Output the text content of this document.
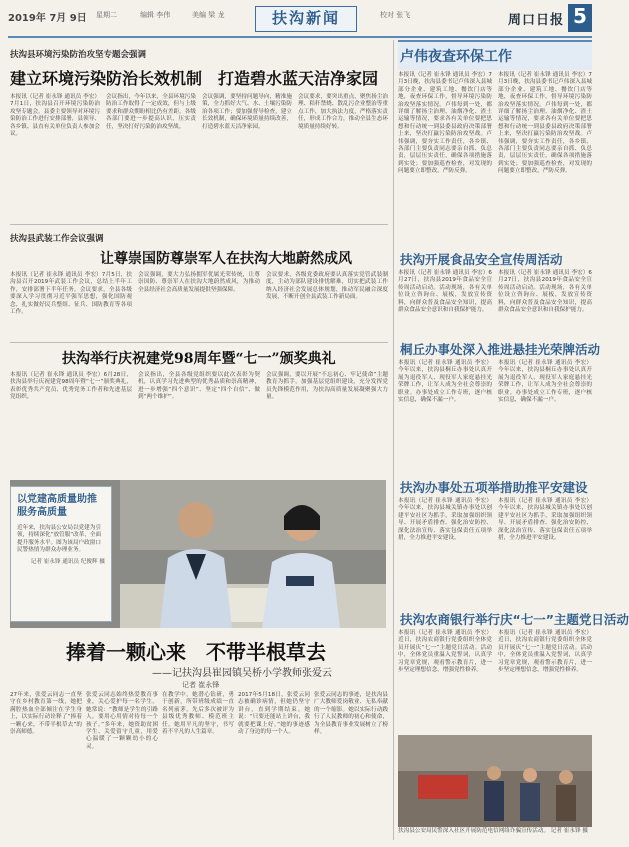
2019年 7月 9日 星期二	编辑 李伟	美编 梁 龙	扶沟新闻	校对 张飞	周口日报 5
扶沟县环境污染防治攻坚专题会强调
建立环境污染防治长效机制　打造碧水蓝天洁净家园
本报讯（记者 崔永锋 通讯员 李宏）7月1日，扶沟县召开环境污染防治攻坚专题会。县委主要领导对环境污染防治工作进行安排部署，县领导、各乡镇、县直有关单位负责人参加会议。
会议指出，今年以来，全县环境污染防治工作取得了一定成效，但与上级要求和群众期盼相比仍有差距。各级各部门要进一步提高认识，压实责任，坚决打好污染防治攻坚战。
会议强调，要坚持问题导向，精准施策，全力抓好大气、水、土壤污染防治各项工作；要加强督导检查，建立长效机制，确保环境质量持续改善，打造碧水蓝天洁净家园。
会议要求，要突出重点，聚焦扬尘治理、秸秆禁烧、散乱污企业整治等重点工作，加大执法力度，严格落实责任，形成工作合力，推动全县生态环境质量持续好转。
扶沟县武装工作会议强调
让尊崇国防尊崇军人在扶沟大地蔚然成风
本报讯（记者 崔永锋 通讯员 李宏）7月5日，扶沟县召开2019年武装工作会议，总结上半年工作，安排部署下半年任务。会议要求，全县各级要深入学习贯彻习近平强军思想，强化国防观念，扎实做好民兵整组、征兵、国防教育等各项工作。
会议强调，要大力弘扬拥军优属光荣传统，让尊崇国防、尊崇军人在扶沟大地蔚然成风，为推动全县经济社会高质量发展提供坚强保障。
会议要求，各级党委政府要认真落实党管武装制度，主动为部队建设排忧解难，切实把武装工作纳入经济社会发展总体规划，推动军民融合深度发展，不断开创全县武装工作新局面。
扶沟举行庆祝建党98周年暨“七一”颁奖典礼
本报讯（记者 崔永锋 通讯员 李宏）6月28日，扶沟县举行庆祝建党98周年暨“七一”颁奖典礼，表彰优秀共产党员、优秀党务工作者和先进基层党组织。
会议指出，全县各级党组织要以此次表彰为契机，认真学习先进典型的优秀品质和崇高精神，进一步增强“四个意识”、坚定“四个自信”、做到“两个维护”。
会议强调，要以开展“不忘初心、牢记使命”主题教育为抓手，加强基层党组织建设，充分发挥党员先锋模范作用，为扶沟高质量发展凝聚强大力量。
以党建高质量助推服务高质量
近年来，扶沟县公安局以党建为引领，持续深化“放管服”改革，全面提升服务水平。图为该局户政窗口民警热情为群众办理业务。
记者 崔永锋 通讯员 纪俊辉 摄
捧着一颗心来　不带半根草去
——记扶沟县崔园镇吴桥小学教师张爱云
记者 崔永锋
27年来，张爱云同志一直坚守在乡村教育第一线，她把满腔热血全部倾注在学生身上，以实际行动诠释了“捧着一颗心来，不带半根草去”的崇高师德。
张爱云同志始终热爱教育事业，关心爱护每一名学生。她常说：“教师是学生的引路人，要用心用情对待每一个孩子。”多年来，她资助贫困学生、关爱留守儿童，用爱心温暖了一颗颗幼小的心灵。
在教学中，她潜心钻研，勇于创新，所带班级成绩一直名列前茅，先后多次被评为县级优秀教师、模范班主任。她用平凡的坚守，书写着不平凡的人生篇章。
2017年5月18日，张爱云同志被确诊病情，但她仍坚守讲台，直到学期结束。她说：“只要还能站上讲台，我就要把课上好。”她的事迹感动了身边的每一个人。
张爱云同志的事迹，是扶沟县广大教师爱岗敬业、无私奉献的一个缩影。她以实际行动践行了人民教师的初心和使命，为全县教育事业发展树立了榜样。
卢伟夜查环保工作
本报讯（记者 崔永锋 通讯员 李宏）7月3日晚，扶沟县委书记卢伟深入县城部分企业、建筑工地、餐饮门店等地，夜查环保工作，督导环境污染防治攻坚落实情况。卢伟每到一处，都详细了解扬尘治理、油烟净化、渣土运输等情况，要求各有关单位要把思想和行动统一到县委县政府决策部署上来，坚决打赢污染防治攻坚战。卢伟强调，要夯实工作责任，各乡镇、各部门主要负责同志要亲自抓、负总责，层层压实责任，确保各项措施落到实处；要加强巡查检查，对发现的问题要立即整改，严防反弹。
本报讯（记者 崔永锋 通讯员 李宏）7月3日晚，扶沟县委书记卢伟深入县城部分企业、建筑工地、餐饮门店等地，夜查环保工作，督导环境污染防治攻坚落实情况。卢伟每到一处，都详细了解扬尘治理、油烟净化、渣土运输等情况，要求各有关单位要把思想和行动统一到县委县政府决策部署上来，坚决打赢污染防治攻坚战。卢伟强调，要夯实工作责任，各乡镇、各部门主要负责同志要亲自抓、负总责，层层压实责任，确保各项措施落到实处；要加强巡查检查，对发现的问题要立即整改，严防反弹。
扶沟开展食品安全宣传周活动
本报讯（记者 崔永锋 通讯员 李宏）6月27日，扶沟县2019年食品安全宣传周活动启动。活动现场，各有关单位设立咨询台、展板，发放宣传资料，向群众普及食品安全知识，提高群众食品安全意识和自我保护能力。
本报讯（记者 崔永锋 通讯员 李宏）6月27日，扶沟县2019年食品安全宣传周活动启动。活动现场，各有关单位设立咨询台、展板，发放宣传资料，向群众普及食品安全知识，提高群众食品安全意识和自我保护能力。
桐丘办事处深入推进悬挂光荣牌活动
本报讯（记者 崔永锋 通讯员 李宏）今年以来，扶沟县桐丘办事处认真开展为退役军人、现役军人家庭悬挂光荣牌工作，让军人成为全社会尊崇的职业。办事处成立工作专班，逐户核实信息，确保不漏一户。
本报讯（记者 崔永锋 通讯员 李宏）今年以来，扶沟县桐丘办事处认真开展为退役军人、现役军人家庭悬挂光荣牌工作，让军人成为全社会尊崇的职业。办事处成立工作专班，逐户核实信息，确保不漏一户。
扶沟办事处五项举措助推平安建设
本报讯（记者 崔永锋 通讯员 李宏）今年以来，扶沟县城关镇办事处以创建平安社区为抓手，采取加强组织领导、开展矛盾排查、强化治安防控、深化法治宣传、落实包保责任五项举措，全力推进平安建设。
本报讯（记者 崔永锋 通讯员 李宏）今年以来，扶沟县城关镇办事处以创建平安社区为抓手，采取加强组织领导、开展矛盾排查、强化治安防控、深化法治宣传、落实包保责任五项举措，全力推进平安建设。
扶沟农商银行举行庆“七一”主题党日活动
本报讯（记者 崔永锋 通讯员 李宏）近日，扶沟农商银行党委组织全体党员开展庆“七一”主题党日活动。活动中，全体党员重温入党誓词，认真学习党章党规，观看警示教育片，进一步坚定理想信念，增强党性修养。
本报讯（记者 崔永锋 通讯员 李宏）近日，扶沟农商银行党委组织全体党员开展庆“七一”主题党日活动。活动中，全体党员重温入党誓词，认真学习党章党规，观看警示教育片，进一步坚定理想信念，增强党性修养。
扶沟县公安局民警深入社区开展防范电信网络诈骗宣传活动。 记者 崔永锋 摄
